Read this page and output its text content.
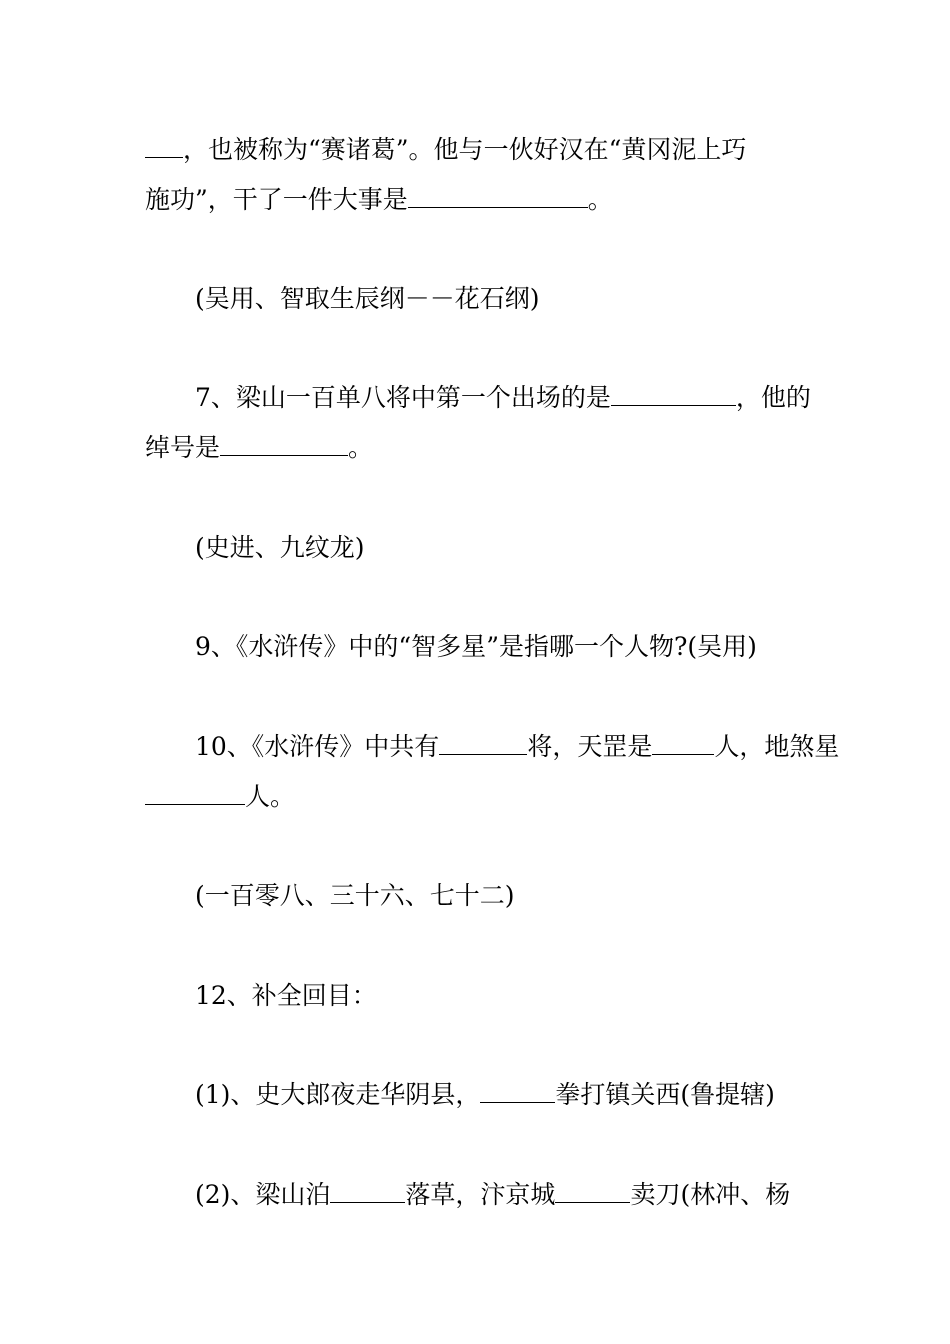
，也被称为“赛诸葛”。他与一伙好汉在“黄冈泥上巧
施功”，干了一件大事是	。
(吴用、智取生辰纲－－花石纲)
7、梁山一百单八将中第一个出场的是	，他的
绰号是	。
(史进、九纹龙)
9、《水浒传》中的“智多星”是指哪一个人物?(吴用)
10、《水浒传》中共有	将，天罡是 人，地煞星
人。
(一百零八、三十六、七十二)
12、补全回目：
(1)、史大郎夜走华阴县，	拳打镇关西(鲁提辖)
(2)、梁山泊	落草，汴京城	卖刀(林冲、杨
